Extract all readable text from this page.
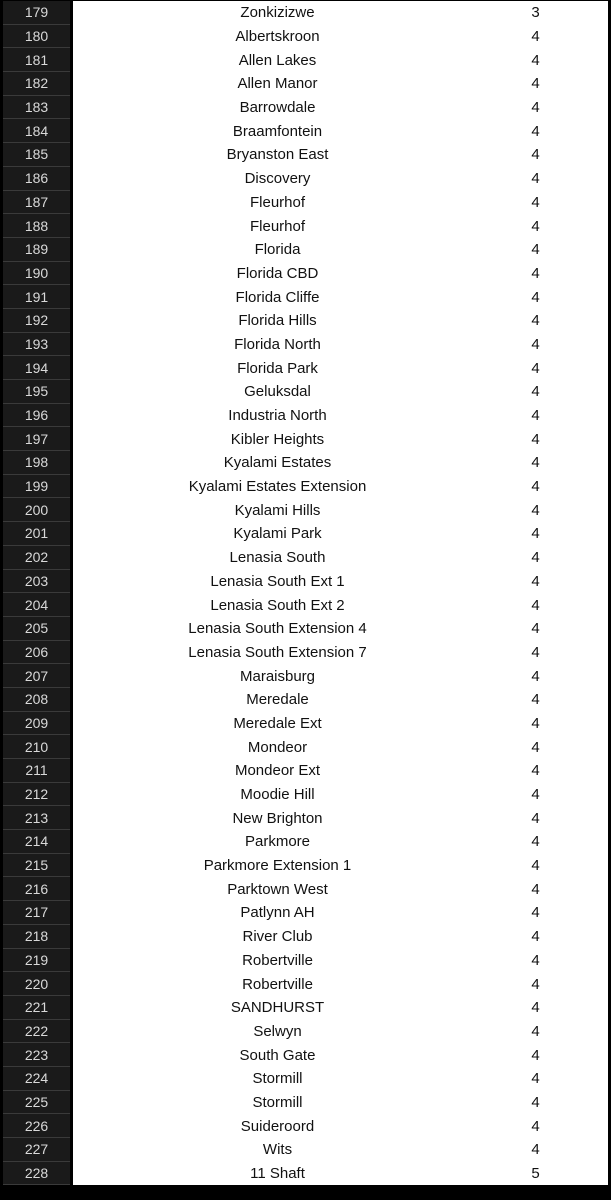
179	Zonkizizwe	3
180	Albertskroon	4
181	Allen Lakes	4
182	Allen Manor	4
183	Barrowdale	4
184	Braamfontein	4
185	Bryanston East	4
186	Discovery	4
187	Fleurhof	4
188	Fleurhof	4
189	Florida	4
190	Florida CBD	4
191	Florida Cliffe	4
192	Florida Hills	4
193	Florida North	4
194	Florida Park	4
195	Geluksdal	4
196	Industria North	4
197	Kibler Heights	4
198	Kyalami Estates	4
199	Kyalami Estates Extension	4
200	Kyalami Hills	4
201	Kyalami Park	4
202	Lenasia South	4
203	Lenasia South Ext 1	4
204	Lenasia South Ext 2	4
205	Lenasia South Extension 4	4
206	Lenasia South Extension 7	4
207	Maraisburg	4
208	Meredale	4
209	Meredale Ext	4
210	Mondeor	4
211	Mondeor Ext	4
212	Moodie Hill	4
213	New Brighton	4
214	Parkmore	4
215	Parkmore Extension 1	4
216	Parktown West	4
217	Patlynn AH	4
218	River Club	4
219	Robertville	4
220	Robertville	4
221	SANDHURST	4
222	Selwyn	4
223	South Gate	4
224	Stormill	4
225	Stormill	4
226	Suideroord	4
227	Wits	4
228	11 Shaft	5
